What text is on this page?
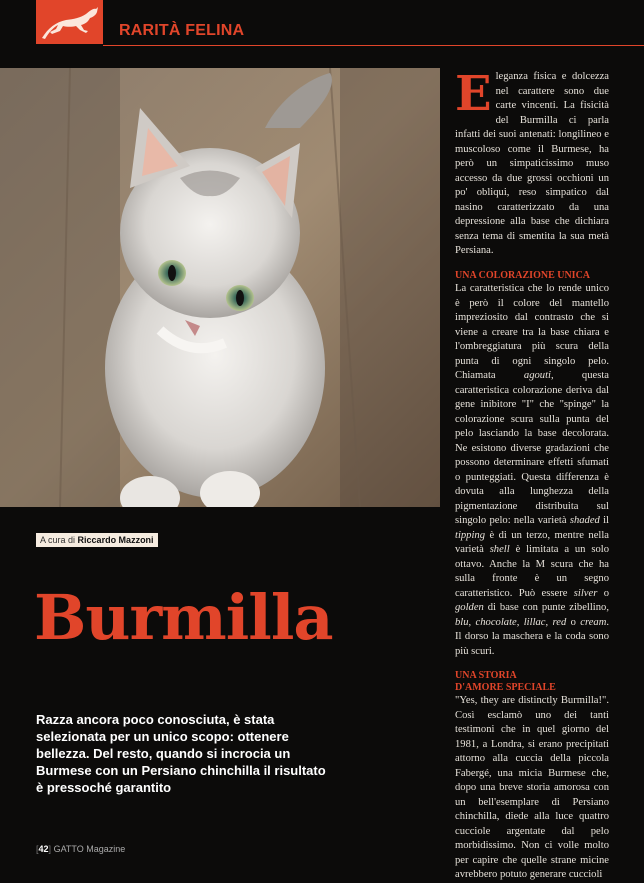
RARITÀ FELINA
A cura di Riccardo Mazzoni
Burmilla

Razza ancora poco conosciuta, è stata selezionata per un unico scopo: ottenere bellezza. Del resto, quando si incrocia un Burmese con un Persiano chinchilla il risultato è pressoché garantito

[42] GATTO Magazine

Eleganza fisica e dolcezza nel carattere sono due carte vincenti. La fisicità del Burmilla ci parla infatti dei suoi antenati: longilineo e muscoloso come il Burmese, ha però un simpaticissimo muso accesso da due grossi occhioni un po' obliqui, reso simpatico dal nasino caratterizzato da una depressione alla base che dichiara senza tema di smentita la sua metà Persiana.

UNA COLORAZIONE UNICA

La caratteristica che lo rende unico è però il colore del mantello impreziosito dal contrasto che si viene a creare tra la base chiara e l'ombreggiatura più scura della punta di ogni singolo pelo. Chiamata	agouti, questa caratteristica colorazione deriva dal gene inibitore "I" che "spinge" la colorazione scura sulla punta del pelo lasciando la base decolorata. Ne esistono diverse gradazioni che possono determinare effetti sfumati o punteggiati. Questa differenza è dovuta alla lunghezza della pigmentazione distribuita sul singolo pelo: nella varietà shaded il tipping è di un terzo, mentre nella varietà shell è limitata a un solo ottavo. Anche la M scura che ha sulla fronte è un segno caratteristico. Può essere silver o golden di base con punte zibellino, blu, chocolate, lillac, red o cream. Il dorso la maschera e la coda sono più scuri.

UNA STORIA
D'AMORE SPECIALE

"Yes, they are distinctly Burmilla!". Così esclamò uno dei tanti testimoni che in quel giorno del 1981, a Londra, si erano precipitati attorno alla cuccia della piccola Fabergé, una micia Burmese che, dopo una breve storia amorosa con un bell'esemplare di Persiano chinchilla, diede alla luce quattro cucciole argentate dal pelo morbidissimo. Non ci volle molto per capire che quelle strane micine avrebbero potuto generare cuccioli
